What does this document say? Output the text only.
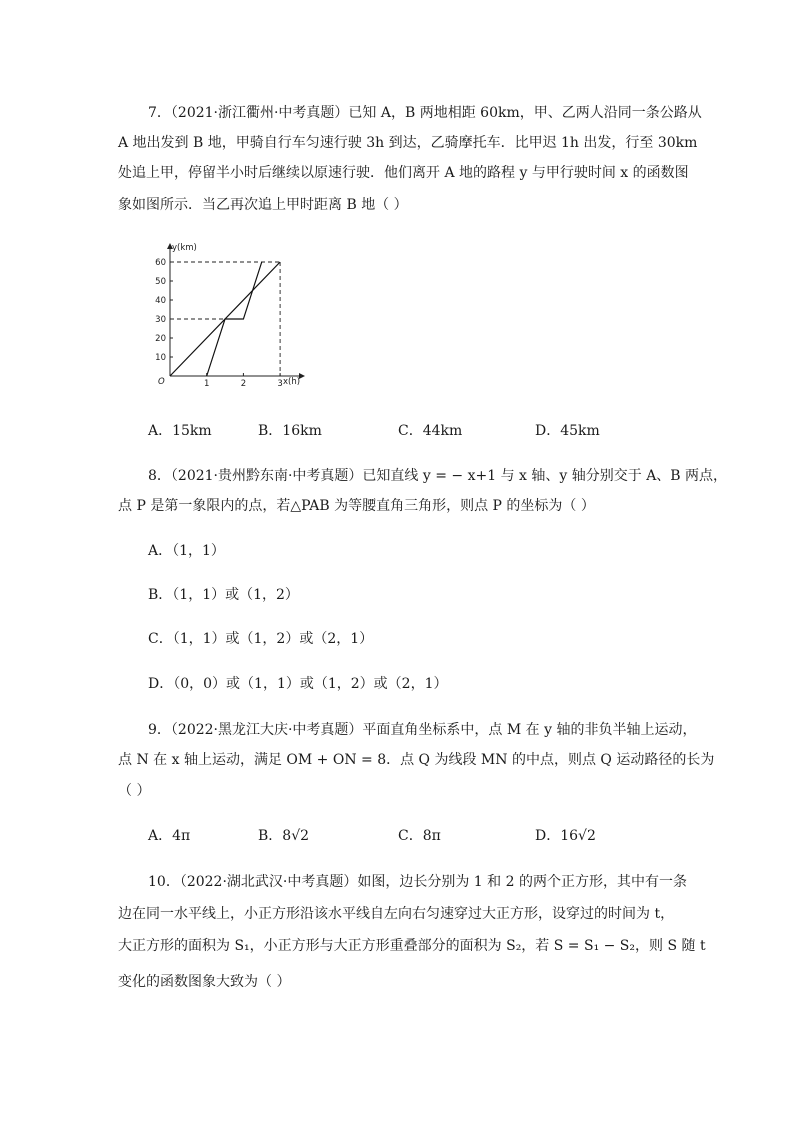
7．（2021·浙江衢州·中考真题）已知 A，B 两地相距 60km，甲、乙两人沿同一条公路从
A 地出发到 B 地，甲骑自行车匀速行驶 3h 到达，乙骑摩托车．比甲迟 1h 出发，行至 30km
处追上甲，停留半小时后继续以原速行驶．他们离开 A 地的路程 y 与甲行驶时间 x 的函数图
象如图所示．当乙再次追上甲时距离 B 地（ ）
y(km)
x(h)
O
10
20
30
40
50
60
1	2	3
A．15km	B．16km	C．44km	D．45km
8．（2021·贵州黔东南·中考真题）已知直线 y = − x+1 与 x 轴、y 轴分别交于 A、B 两点，
点 P 是第一象限内的点，若△PAB 为等腰直角三角形，则点 P 的坐标为（ ）
A．（1，1）
B．（1，1）或（1，2）
C．（1，1）或（1，2）或（2，1）
D．（0，0）或（1，1）或（1，2）或（2，1）
9．（2022·黑龙江大庆·中考真题）平面直角坐标系中，点 M 在 y 轴的非负半轴上运动，
点 N 在 x 轴上运动，满足 OM + ON = 8．点 Q 为线段 MN 的中点，则点 Q 运动路径的长为
（ ）
A．4π	B．8√2	C．8π	D．16√2
10．（2022·湖北武汉·中考真题）如图，边长分别为 1 和 2 的两个正方形，其中有一条
边在同一水平线上，小正方形沿该水平线自左向右匀速穿过大正方形，设穿过的时间为 t，
大正方形的面积为 S₁，小正方形与大正方形重叠部分的面积为 S₂，若 S = S₁ − S₂，则 S 随 t
变化的函数图象大致为（ ）
